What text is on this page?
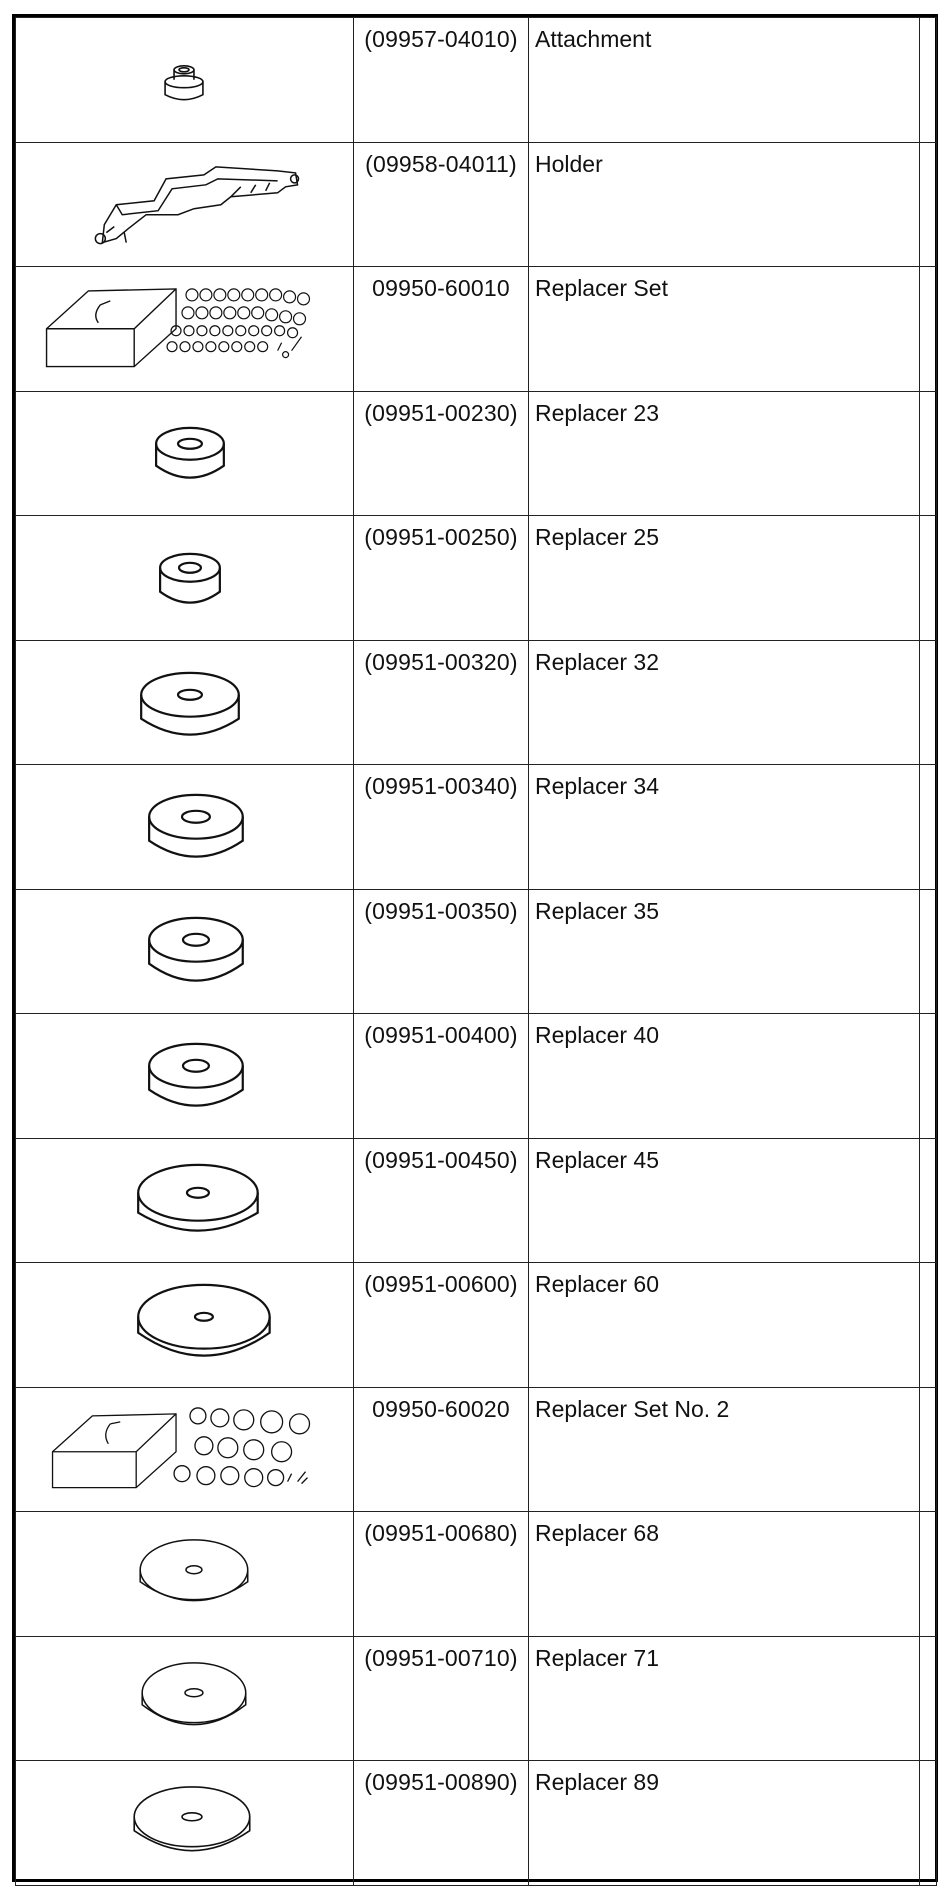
	(09957-04010)	Attachment	

	(09958-04011)	Holder	

	09950-60010	Replacer Set	

	(09951-00230)	Replacer 23	

	(09951-00250)	Replacer 25	

	(09951-00320)	Replacer 32	

	(09951-00340)	Replacer 34	

	(09951-00350)	Replacer 35	

	(09951-00400)	Replacer 40	

	(09951-00450)	Replacer 45	

	(09951-00600)	Replacer 60	

	09950-60020	Replacer Set No. 2	

	(09951-00680)	Replacer 68	

	(09951-00710)	Replacer 71	

	(09951-00890)	Replacer 89	
